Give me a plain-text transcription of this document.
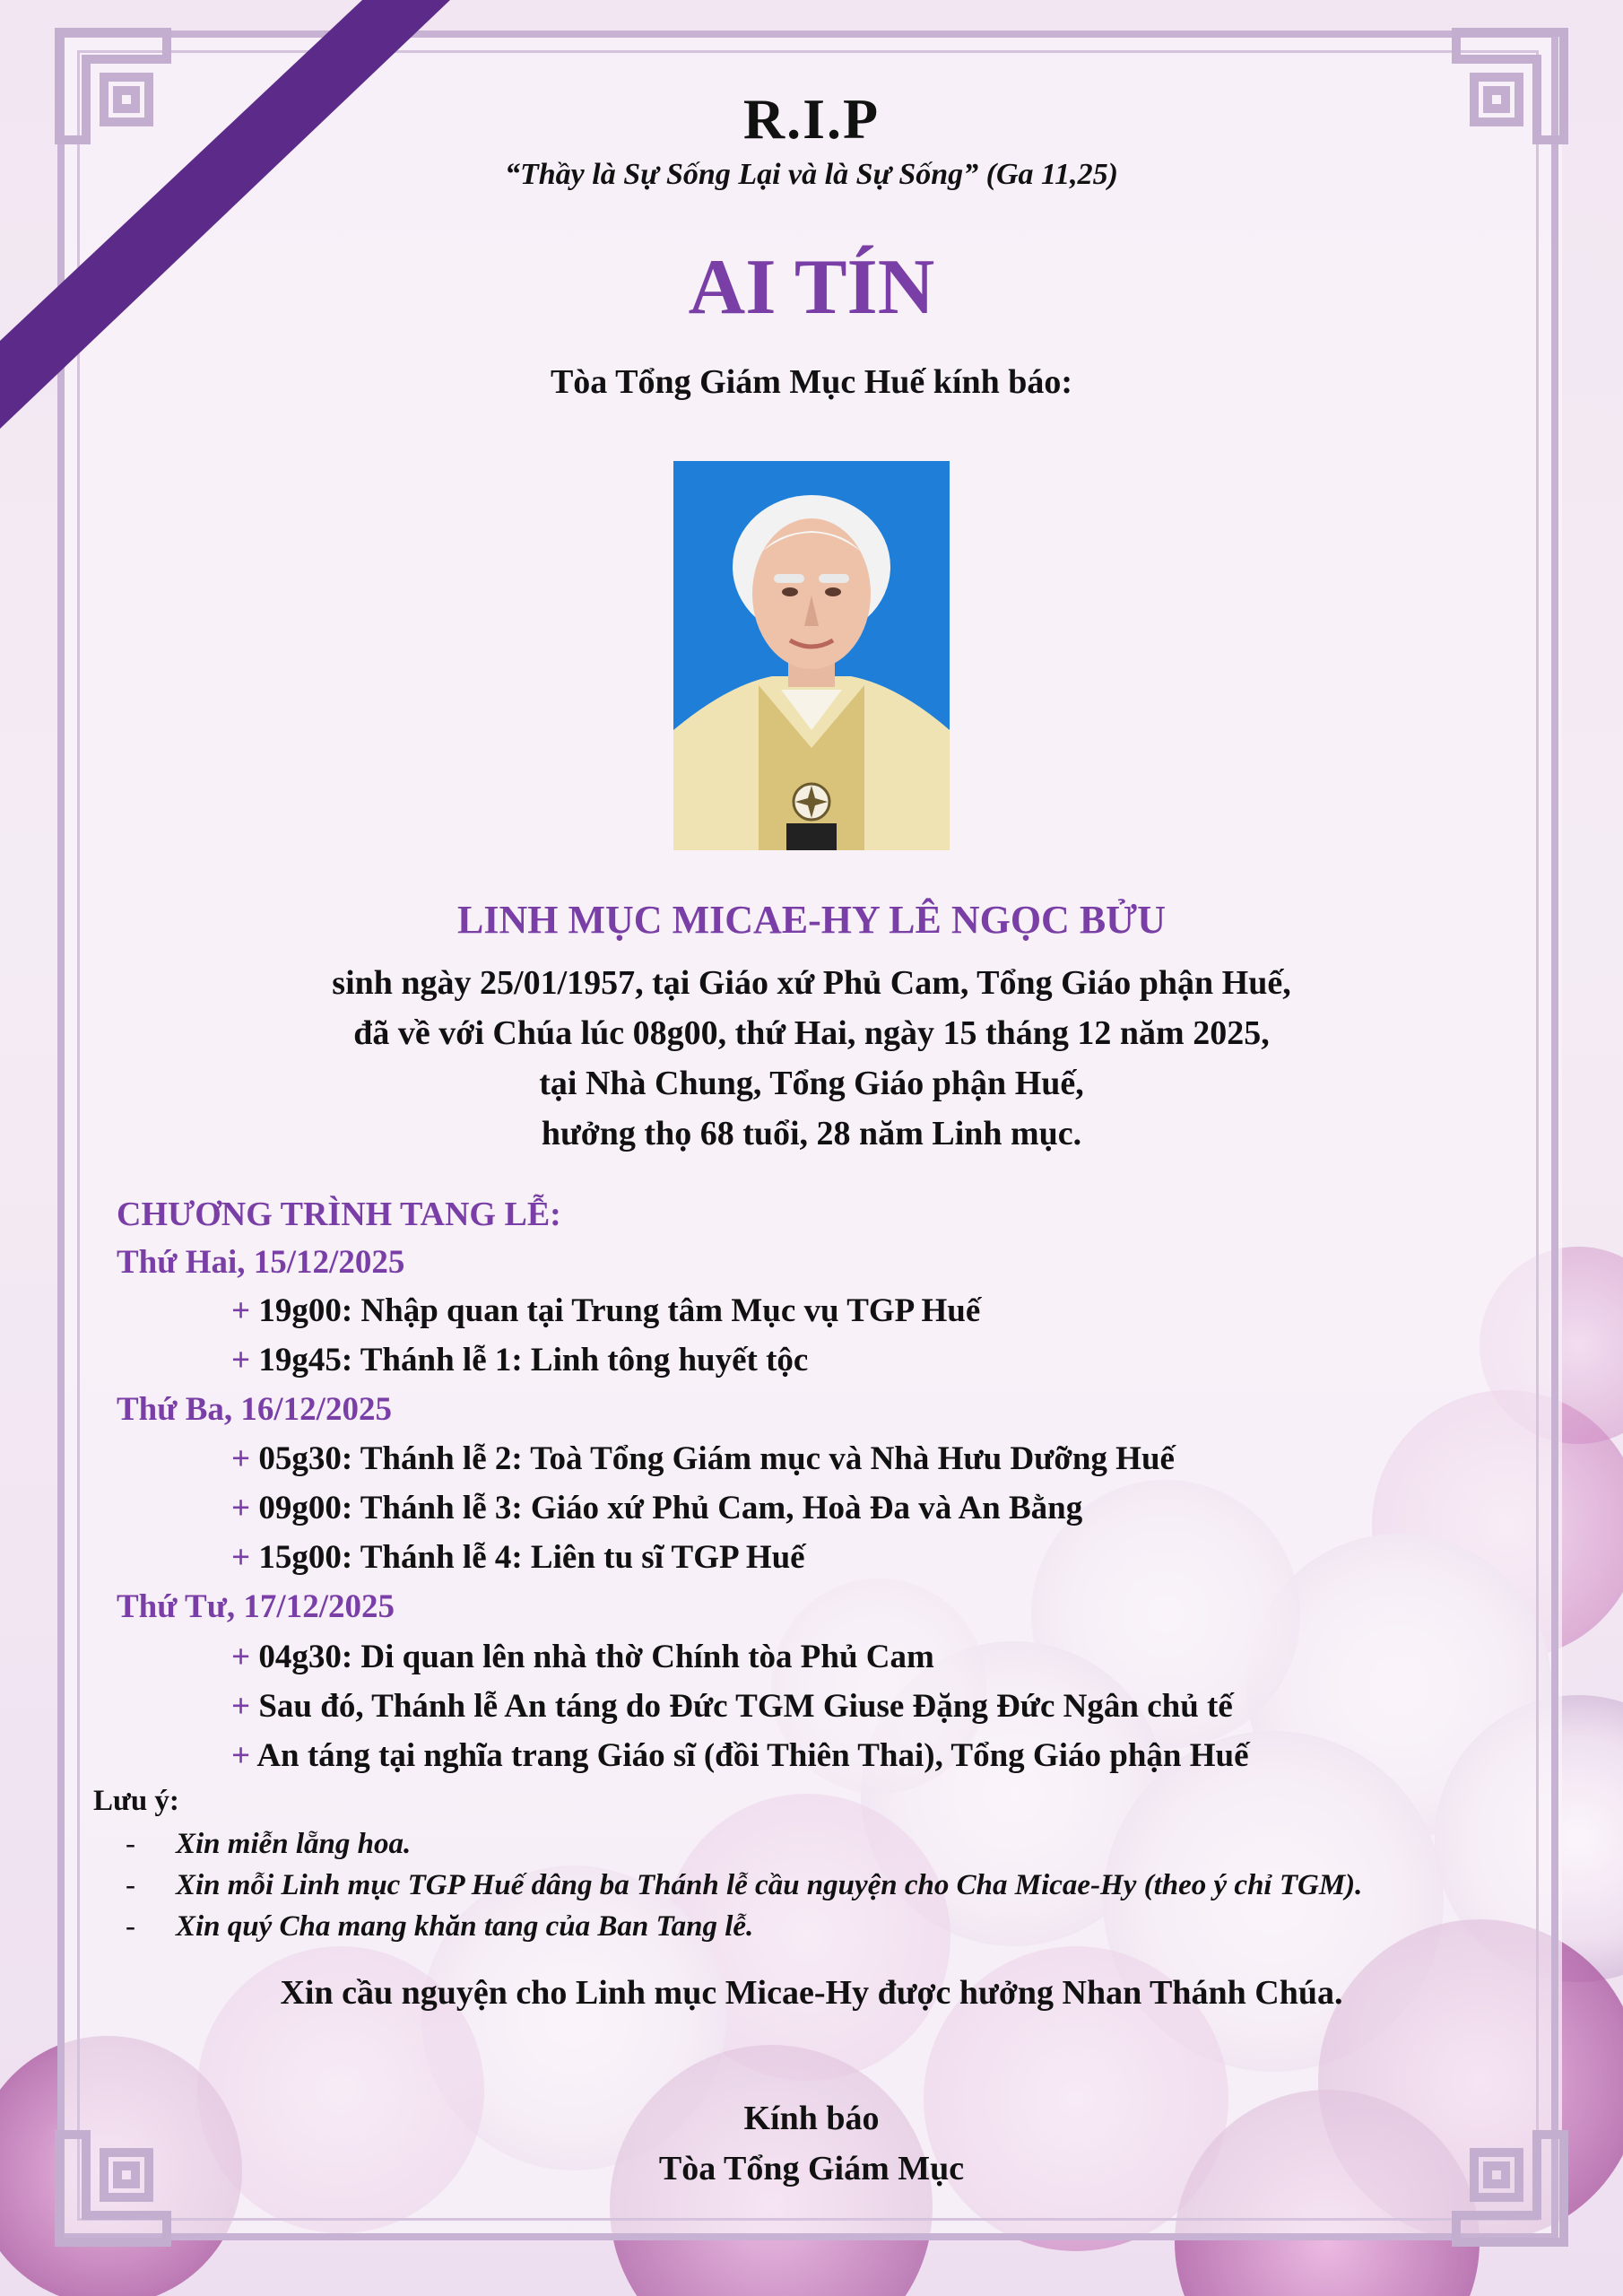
R.I.P
“Thầy là Sự Sống Lại và là Sự Sống” (Ga 11,25)
AI TÍN
Tòa Tổng Giám Mục Huế kính báo:
LINH MỤC MICAE-HY LÊ NGỌC BỬU
sinh ngày 25/01/1957, tại Giáo xứ Phủ Cam, Tổng Giáo phận Huế,
đã về với Chúa lúc 08g00, thứ Hai, ngày 15 tháng 12 năm 2025,
tại Nhà Chung, Tổng Giáo phận Huế,
hưởng thọ 68 tuổi, 28 năm Linh mục.
CHƯƠNG TRÌNH TANG LỄ:
Thứ Hai, 15/12/2025
+ 19g00: Nhập quan tại Trung tâm Mục vụ TGP Huế
+ 19g45: Thánh lễ 1: Linh tông huyết tộc
Thứ Ba, 16/12/2025
+ 05g30: Thánh lễ 2: Toà Tổng Giám mục và Nhà Hưu Dưỡng Huế
+ 09g00: Thánh lễ 3: Giáo xứ Phủ Cam, Hoà Đa và An Bằng
+ 15g00: Thánh lễ 4: Liên tu sĩ TGP Huế
Thứ Tư, 17/12/2025
+ 04g30: Di quan lên nhà thờ Chính tòa Phủ Cam
+ Sau đó, Thánh lễ An táng do Đức TGM Giuse Đặng Đức Ngân chủ tế
+ An táng tại nghĩa trang Giáo sĩ (đồi Thiên Thai), Tổng Giáo phận Huế
Lưu ý:
- Xin miễn lẵng hoa.
- Xin mỗi Linh mục TGP Huế dâng ba Thánh lễ cầu nguyện cho Cha Micae-Hy (theo ý chỉ TGM).
- Xin quý Cha mang khăn tang của Ban Tang lễ.
Xin cầu nguyện cho Linh mục Micae-Hy được hưởng Nhan Thánh Chúa.
Kính báo
Tòa Tổng Giám Mục
